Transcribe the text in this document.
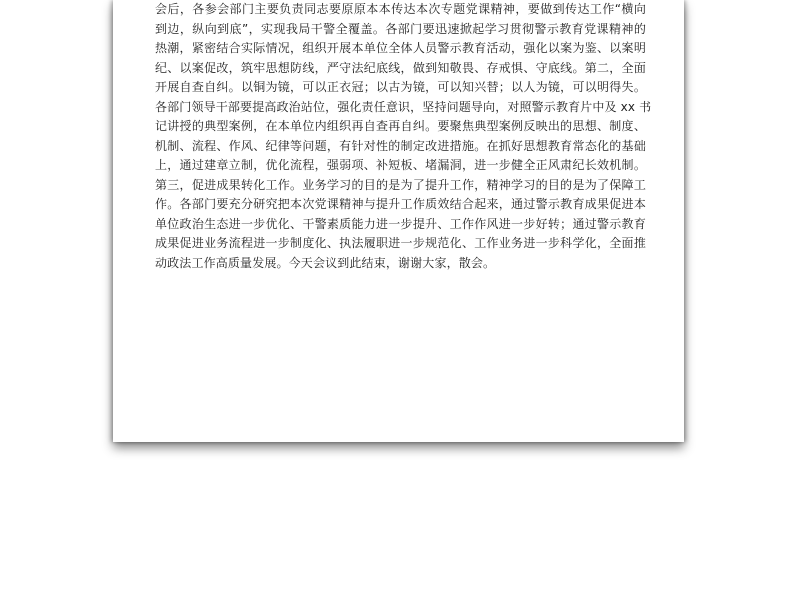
会后，各参会部门主要负责同志要原原本本传达本次专题党课精神，要做到传达工作“横向
到边，纵向到底”，实现我局干警全覆盖。各部门要迅速掀起学习贯彻警示教育党课精神的
热潮，紧密结合实际情况，组织开展本单位全体人员警示教育活动，强化以案为鉴、以案明
纪、以案促改，筑牢思想防线，严守法纪底线，做到知敬畏、存戒惧、守底线。第二，全面
开展自查自纠。以铜为镜，可以正衣冠；以古为镜，可以知兴替；以人为镜，可以明得失。
各部门领导干部要提高政治站位，强化责任意识，坚持问题导向，对照警示教育片中及 xx 书
记讲授的典型案例，在本单位内组织再自查再自纠。要聚焦典型案例反映出的思想、制度、
机制、流程、作风、纪律等问题，有针对性的制定改进措施。在抓好思想教育常态化的基础
上，通过建章立制，优化流程，强弱项、补短板、堵漏洞，进一步健全正风肃纪长效机制。
第三，促进成果转化工作。业务学习的目的是为了提升工作，精神学习的目的是为了保障工
作。各部门要充分研究把本次党课精神与提升工作质效结合起来，通过警示教育成果促进本
单位政治生态进一步优化、干警素质能力进一步提升、工作作风进一步好转；通过警示教育
成果促进业务流程进一步制度化、执法履职进一步规范化、工作业务进一步科学化，全面推
动政法工作高质量发展。今天会议到此结束，谢谢大家，散会。
